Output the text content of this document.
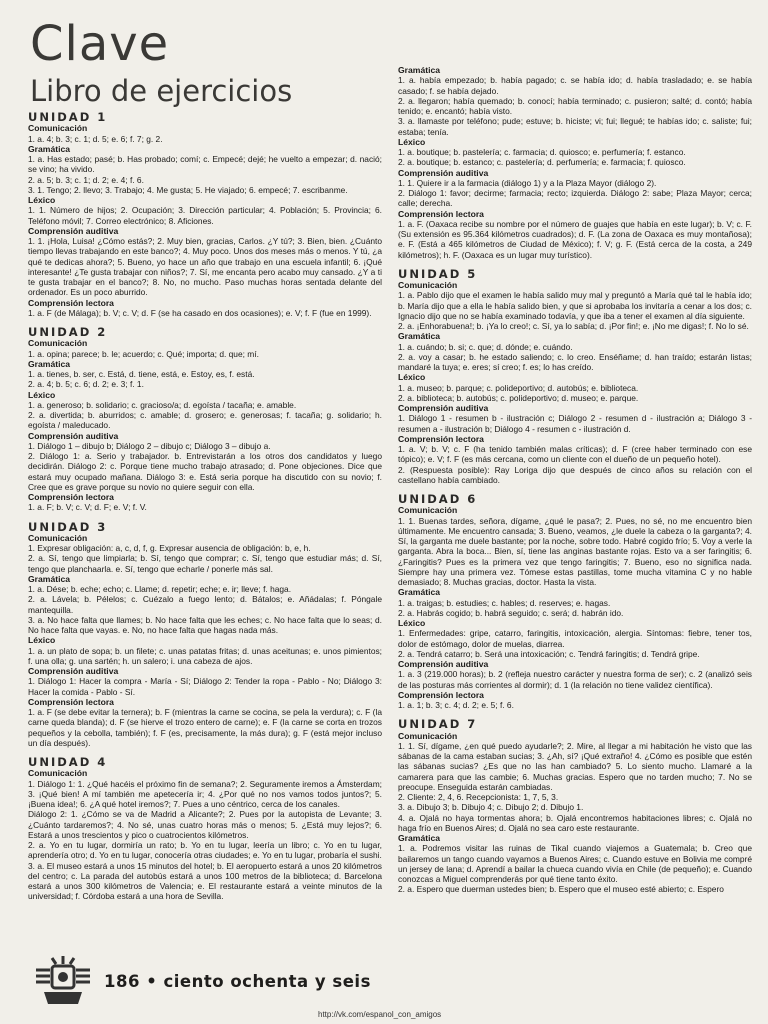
Clave
Libro de ejercicios
UNIDAD 1
Comunicación
1. a. 4; b. 3; c. 1; d. 5; e. 6; f. 7; g. 2.
Gramática
1. a. Has estado; pasé; b. Has probado; comí; c. Empecé; dejé; he vuelto a empezar; d. nació; se vino; ha vivido.
2. a. 5; b. 3; c. 1; d. 2; e. 4; f. 6.
3. 1. Tengo; 2. llevo; 3. Trabajo; 4. Me gusta; 5. He viajado; 6. empecé; 7. escribanme.
Léxico
1. 1. Número de hijos; 2. Ocupación; 3. Dirección particular; 4. Población; 5. Provincia; 6. Teléfono móvil; 7. Correo electrónico; 8. Aficiones.
Comprensión auditiva
1. 1. ¡Hola, Luisa! ¿Cómo estás?; 2. Muy bien, gracias, Carlos. ¿Y tú?; 3. Bien, bien. ¿Cuánto tiempo llevas trabajando en este banco?; 4. Muy poco. Unos dos meses más o menos. Y tú, ¿a qué te dedicas ahora?; 5. Bueno, yo hace un año que trabajo en una escuela infantil; 6. ¡Qué interesante! ¿Te gusta trabajar con niños?; 7. Sí, me encanta pero acabo muy cansado. ¿Y a ti te gusta trabajar en el banco?; 8. No, no mucho. Paso muchas horas sentada delante del ordenador. Es un poco aburrido.
Comprensión lectora
1. a. F (de Málaga); b. V; c. V; d. F (se ha casado en dos ocasiones); e. V; f. F (fue en 1999).
UNIDAD 2
Comunicación
1. a. opina; parece; b. le; acuerdo; c. Qué; importa; d. que; mí.
Gramática
1. a. tienes, b. ser, c. Está, d. tiene, está, e. Estoy, es, f. está.
2. a. 4; b. 5; c. 6; d. 2; e. 3; f. 1.
Léxico
1. a. generoso; b. solidario; c. gracioso/a; d. egoísta / tacaña; e. amable.
2. a. divertida; b. aburridos; c. amable; d. grosero; e. generosas; f. tacaña; g. solidario; h. egoísta / maleducado.
Comprensión auditiva
1. Diálogo 1 – dibujo b; Diálogo 2 – dibujo c; Diálogo 3 – dibujo a.
2. Diálogo 1: a. Serio y trabajador. b. Entrevistarán a los otros dos candidatos y luego decidirán. Diálogo 2: c. Porque tiene mucho trabajo atrasado; d. Pone objeciones. Dice que estará muy ocupado mañana. Diálogo 3: e. Está seria porque ha discutido con su novio; f. Cree que es grave porque su novio no quiere seguir con ella.
Comprensión lectora
1. a. F; b. V; c. V; d. F; e. V; f. V.
UNIDAD 3
Comunicación
1. Expresar obligación: a, c, d, f, g. Expresar ausencia de obligación: b, e, h.
2. a. Sí, tengo que limpiarla; b. Sí, tengo que comprar; c. Sí, tengo que estudiar más; d. Sí, tengo que planchaarla. e. Sí, tengo que echarle / ponerle más sal.
Gramática
1. a. Dése; b. eche; echo; c. Llame; d. repetir; eche; e. ir; lleve; f. haga.
2. a. Lávela; b. Pélelos; c. Cuézalo a fuego lento; d. Bátalos; e. Añádalas; f. Póngale mantequilla.
3. a. No hace falta que llames; b. No hace falta que les eches; c. No hace falta que lo seas; d. No hace falta que vayas. e. No, no hace falta que hagas nada más.
Léxico
1. a. un plato de sopa; b. un filete; c. unas patatas fritas; d. unas aceitunas; e. unos pimientos; f. una olla; g. una sartén; h. un salero; i. una cabeza de ajos.
Comprensión auditiva
1. Diálogo 1: Hacer la compra - María - Sí; Diálogo 2: Tender la ropa - Pablo - No; Diálogo 3: Hacer la comida - Pablo - Sí.
Comprensión lectora
1. a. F (se debe evitar la ternera); b. F (mientras la carne se cocina, se pela la verdura); c. F (la carne queda blanda); d. F (se hierve el trozo entero de carne); e. F (la carne se corta en trozos pequeños y la cebolla, también); f. F (es, precisamente, la más dura); g. F (está mejor incluso un día después).
UNIDAD 4
Comunicación
1. Diálogo 1: 1. ¿Qué hacéis el próximo fin de semana?; 2. Seguramente iremos a Ámsterdam; 3. ¡Qué bien! A mí también me apetecería ir; 4. ¿Por qué no nos vamos todos juntos?; 5. ¡Buena idea!; 6. ¿A qué hotel iremos?; 7. Pues a uno céntrico, cerca de los canales.
Diálogo 2: 1. ¿Cómo se va de Madrid a Alicante?; 2. Pues por la autopista de Levante; 3. ¿Cuánto tardaremos?; 4. No sé, unas cuatro horas más o menos; 5. ¿Está muy lejos?; 6. Estará a unos trescientos y pico o cuatrocientos kilómetros.
2. a. Yo en tu lugar, dormiría un rato; b. Yo en tu lugar, leería un libro; c. Yo en tu lugar, aprendería otro; d. Yo en tu lugar, conocería otras ciudades; e. Yo en tu lugar, probaría el sushi.
3. a. El museo estará a unos 15 minutos del hotel; b. El aeropuerto estará a unos 20 kilómetros del centro; c. La parada del autobús estará a unos 100 metros de la biblioteca; d. Barcelona estará a unos 300 kilómetros de Valencia; e. El restaurante estará a veinte minutos de la universidad; f. Córdoba estará a una hora de Sevilla.
Gramática
1. a. había empezado; b. había pagado; c. se había ido; d. había trasladado; e. se había casado; f. se había dejado.
2. a. llegaron; había quemado; b. conocí; había terminado; c. pusieron; salté; d. contó; había tenido; e. encantó; había visto.
3. a. llamaste por teléfono; pude; estuve; b. hiciste; vi; fui; llegué; te habías ido; c. saliste; fui; estaba; tenía.
Léxico
1. a. boutique; b. pastelería; c. farmacia; d. quiosco; e. perfumería; f. estanco.
2. a. boutique; b. estanco; c. pastelería; d. perfumería; e. farmacia; f. quiosco.
Comprensión auditiva
1. 1. Quiere ir a la farmacia (diálogo 1) y a la Plaza Mayor (diálogo 2).
2. Diálogo 1: favor; decirme; farmacia; recto; izquierda. Diálogo 2: sabe; Plaza Mayor; cerca; calle; derecha.
Comprensión lectora
1. a. F. (Oaxaca recibe su nombre por el número de guajes que había en este lugar); b. V; c. F. (Su extensión es 95.364 kilómetros cuadrados); d. F. (La zona de Oaxaca es muy montañosa); e. F. (Está a 465 kilómetros de Ciudad de México); f. V; g. F. (Está cerca de la costa, a 249 kilómetros); h. F. (Oaxaca es un lugar muy turístico).
UNIDAD 5
Comunicación
1. a. Pablo dijo que el examen le había salido muy mal y preguntó a María qué tal le había ido; b. María dijo que a ella le había salido bien, y que si aprobaba los invitaría a cenar a los dos; c. Ignacio dijo que no se había examinado todavía, y que iba a tener el examen al día siguiente.
2. a. ¡Enhorabuena!; b. ¡Ya lo creo!; c. Sí, ya lo sabía; d. ¡Por fin!; e. ¡No me digas!; f. No lo sé.
Gramática
1. a. cuándo; b. si; c. que; d. dónde; e. cuándo.
2. a. voy a casar; b. he estado saliendo; c. lo creo. Enséñame; d. han traído; estarán listas; mandaré la tuya; e. eres; sí creo; f. es; lo has creído.
Léxico
1. a. museo; b. parque; c. polideportivo; d. autobús; e. biblioteca.
2. a. biblioteca; b. autobús; c. polideportivo; d. museo; e. parque.
Comprensión auditiva
1. Diálogo 1 - resumen b - ilustración c; Diálogo 2 - resumen d - ilustración a; Diálogo 3 - resumen a - ilustración b; Diálogo 4 - resumen c - ilustración d.
Comprensión lectora
1. a. V; b. V; c. F (ha tenido también malas críticas); d. F (cree haber terminado con ese tópico); e. V; f. F (es más cercana, como un cliente con el dueño de un pequeño hotel).
2. (Respuesta posible): Ray Loriga dijo que después de cinco años su relación con el castellano había cambiado.
UNIDAD 6
Comunicación
1. 1. Buenas tardes, señora, dígame, ¿qué le pasa?; 2. Pues, no sé, no me encuentro bien últimamente. Me encuentro cansada; 3. Bueno, veamos, ¿le duele la cabeza o la garganta?; 4. Sí, la garganta me duele bastante; por la noche, sobre todo. Habré cogido frío; 5. Voy a verle la garganta. Abra la boca... Bien, sí, tiene las anginas bastante rojas. Esto va a ser faringitis; 6. ¿Faringitis? Pues es la primera vez que tengo faringitis; 7. Bueno, eso no significa nada. Siempre hay una primera vez. Tómese estas pastillas, tome mucha vitamina C y no hable demasiado; 8. Muchas gracias, doctor. Hasta la vista.
Gramática
1. a. traigas; b. estudies; c. hables; d. reserves; e. hagas.
2. a. Habrás cogido; b. habrá seguido; c. será; d. habrán ido.
Léxico
1. Enfermedades: gripe, catarro, faringitis, intoxicación, alergia. Síntomas: fiebre, tener tos, dolor de estómago, dolor de muelas, diarrea.
2. a. Tendrá catarro; b. Será una intoxicación; c. Tendrá faringitis; d. Tendrá gripe.
Comprensión auditiva
1. a. 3 (219.000 horas); b. 2 (refleja nuestro carácter y nuestra forma de ser); c. 2 (analizó seis de las posturas más corrientes al dormir); d. 1 (la relación no tiene validez científica).
Comprensión lectora
1. a. 1; b. 3; c. 4; d. 2; e. 5; f. 6.
UNIDAD 7
Comunicación
1. 1. Sí, dígame, ¿en qué puedo ayudarle?; 2. Mire, al llegar a mi habitación he visto que las sábanas de la cama estaban sucias; 3. ¿Ah, sí? ¡Qué extraño! 4. ¿Cómo es posible que estén las sábanas sucias? ¿Es que no las han cambiado? 5. Lo siento mucho. Llamaré a la camarera para que las cambie; 6. Muchas gracias. Espero que no tarden mucho; 7. No se preocupe. Enseguida estarán cambiadas.
2. Cliente: 2, 4, 6. Recepcionista: 1, 7, 5, 3.
3. a. Dibujo 3; b. Dibujo 4; c. Dibujo 2; d. Dibujo 1.
4. a. Ojalá no haya tormentas ahora; b. Ojalá encontremos habitaciones libres; c. Ojalá no haga frío en Buenos Aires; d. Ojalá no sea caro este restaurante.
Gramática
1. a. Podremos visitar las ruinas de Tikal cuando viajemos a Guatemala; b. Creo que bailaremos un tango cuando vayamos a Buenos Aires; c. Cuando estuve en Bolivia me compré un jersey de lana; d. Aprendí a bailar la chueca cuando vivía en Chile (de pequeño); e. Cuando conozcas a Miguel comprenderás por qué tiene tanto éxito.
2. a. Espero que duerman ustedes bien; b. Espero que el museo esté abierto; c. Espero
186 • ciento ochenta y seis
http://vk.com/espanol_con_amigos
